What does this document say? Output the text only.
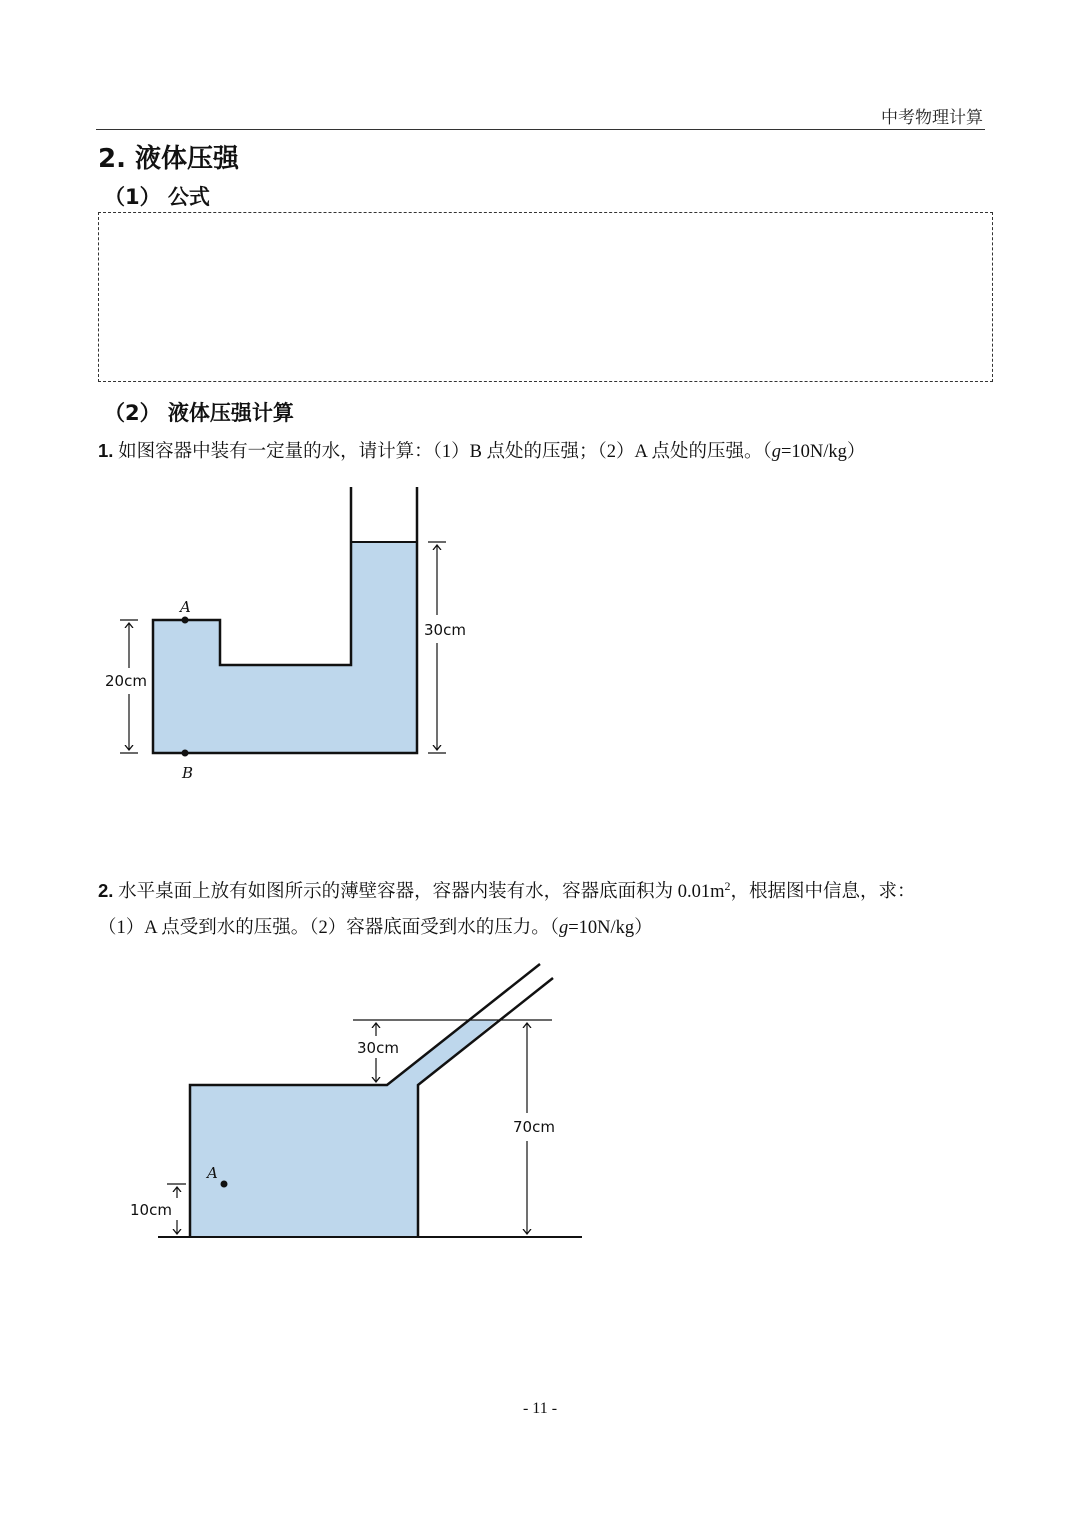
中考物理计算
2. 液体压强
（1） 公式
（2） 液体压强计算
1. 如图容器中装有一定量的水，请计算：（1）B 点处的压强；（2）A 点处的压强。（g=10N/kg）
2. 水平桌面上放有如图所示的薄壁容器，容器内装有水，容器底面积为 $0.01m^2$，根据图中信息，求：
（1）A 点受到水的压强。（2）容器底面受到水的压力。（g=10N/kg）
A
B
20cm
30cm
A
30cm
70cm
10cm
- 11 -
